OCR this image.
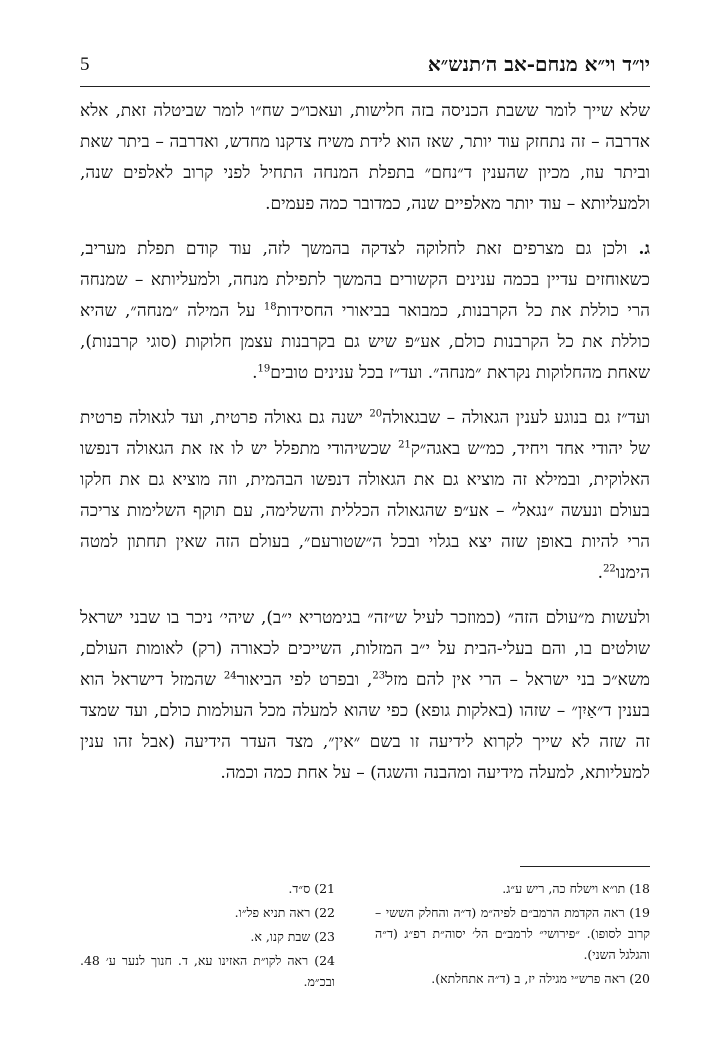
5	יו״ד וי״א מנחם-אב ה׳תנש״א

שלא שייך לומר ששבת הכניסה בזה חלישות, ועאכו״כ שח״ו לומר שביטלה זאת, אלא אדרבה – זה נתחזק עוד יותר, שאז הוא לידת משיח צדקנו מחדש, ואדרבה – ביתר שאת וביתר עוז, מכיון שהענין ד״נחם״ בתפלת המנחה התחיל לפני קרוב לאלפים שנה, ולמעליותא – עוד יותר מאלפיים שנה, כמדובר כמה פעמים.

ג. ולכן גם מצרפים זאת לחלוקה לצדקה בהמשך לזה, עוד קודם תפלת מעריב, כשאוחזים עדיין בכמה ענינים הקשורים בהמשך לתפילת מנחה, ולמעליותא – שמנחה הרי כוללת את כל הקרבנות, כמבואר בביאורי החסידות$^{18}$ על המילה ״מנחה״, שהיא כוללת את כל הקרבנות כולם, אע״פ שיש גם בקרבנות עצמן חלוקות (סוגי קרבנות), שאחת מהחלוקות נקראת ״מנחה״. ועד״ז בכל ענינים טובים$^{19}$.

ועד״ז גם בנוגע לענין הגאולה – שבגאולה$^{20}$ ישנה גם גאולה פרטית, ועד לגאולה פרטית של יהודי אחד ויחיד, כמ״ש באגה״ק$^{21}$ שכשיהודי מתפלל יש לו אז את הגאולה דנפשו האלוקית, ובמילא זה מוציא גם את הגאולה דנפשו הבהמית, וזה מוציא גם את חלקו בעולם ונעשה ״נגאל״ – אע״פ שהגאולה הכללית והשלימה, עם תוקף השלימות צריכה הרי להיות באופן שזה יצא בגלוי ובכל ה״שטורעם״, בעולם הזה שאין תחתון למטה הימנו$^{22}$.

ולעשות מ״עולם הזה״ (כמוזכר לעיל ש״זה״ בגימטריא י״ב), שיהי׳ ניכר בו שבני ישראל שולטים בו, והם בעלי-הבית על י״ב המזלות, השייכים לכאורה (רק) לאומות העולם, משא״כ בני ישראל – הרי אין להם מזל$^{23}$, ובפרט לפי הביאור$^{24}$ שהמזל דישראל הוא בענין ד״אַיִן״ – שזהו (באלקות גופא) כפי שהוא למעלה מכל העולמות כולם, ועד שמצד זה שזה לא שייך לקרוא לידיעה זו בשם ״אין״, מצד העדר הידיעה (אבל זהו ענין למעליותא, למעלה מידיעה ומהבנה והשגה) – על אחת כמה וכמה.

18) תו״א וישלח כה, ריש ע״ג.
19) ראה הקדמת הרמב״ם לפיה״מ (ד״ה והחלק הששי – קרוב לסופו). ״פירושי״ לרמב״ם הל׳ יסוה״ת רפ״ג (ד״ה והגלגל השני).
20) ראה פרש״י מגילה יז, ב (ד״ה אתחלתא).
21) ס״ד.
22) ראה תניא פל״ו.
23) שבת קנו, א.
24) ראה לקו״ת האזינו עא, ד. חנוך לנער ע׳ 48. ובכ״מ.
